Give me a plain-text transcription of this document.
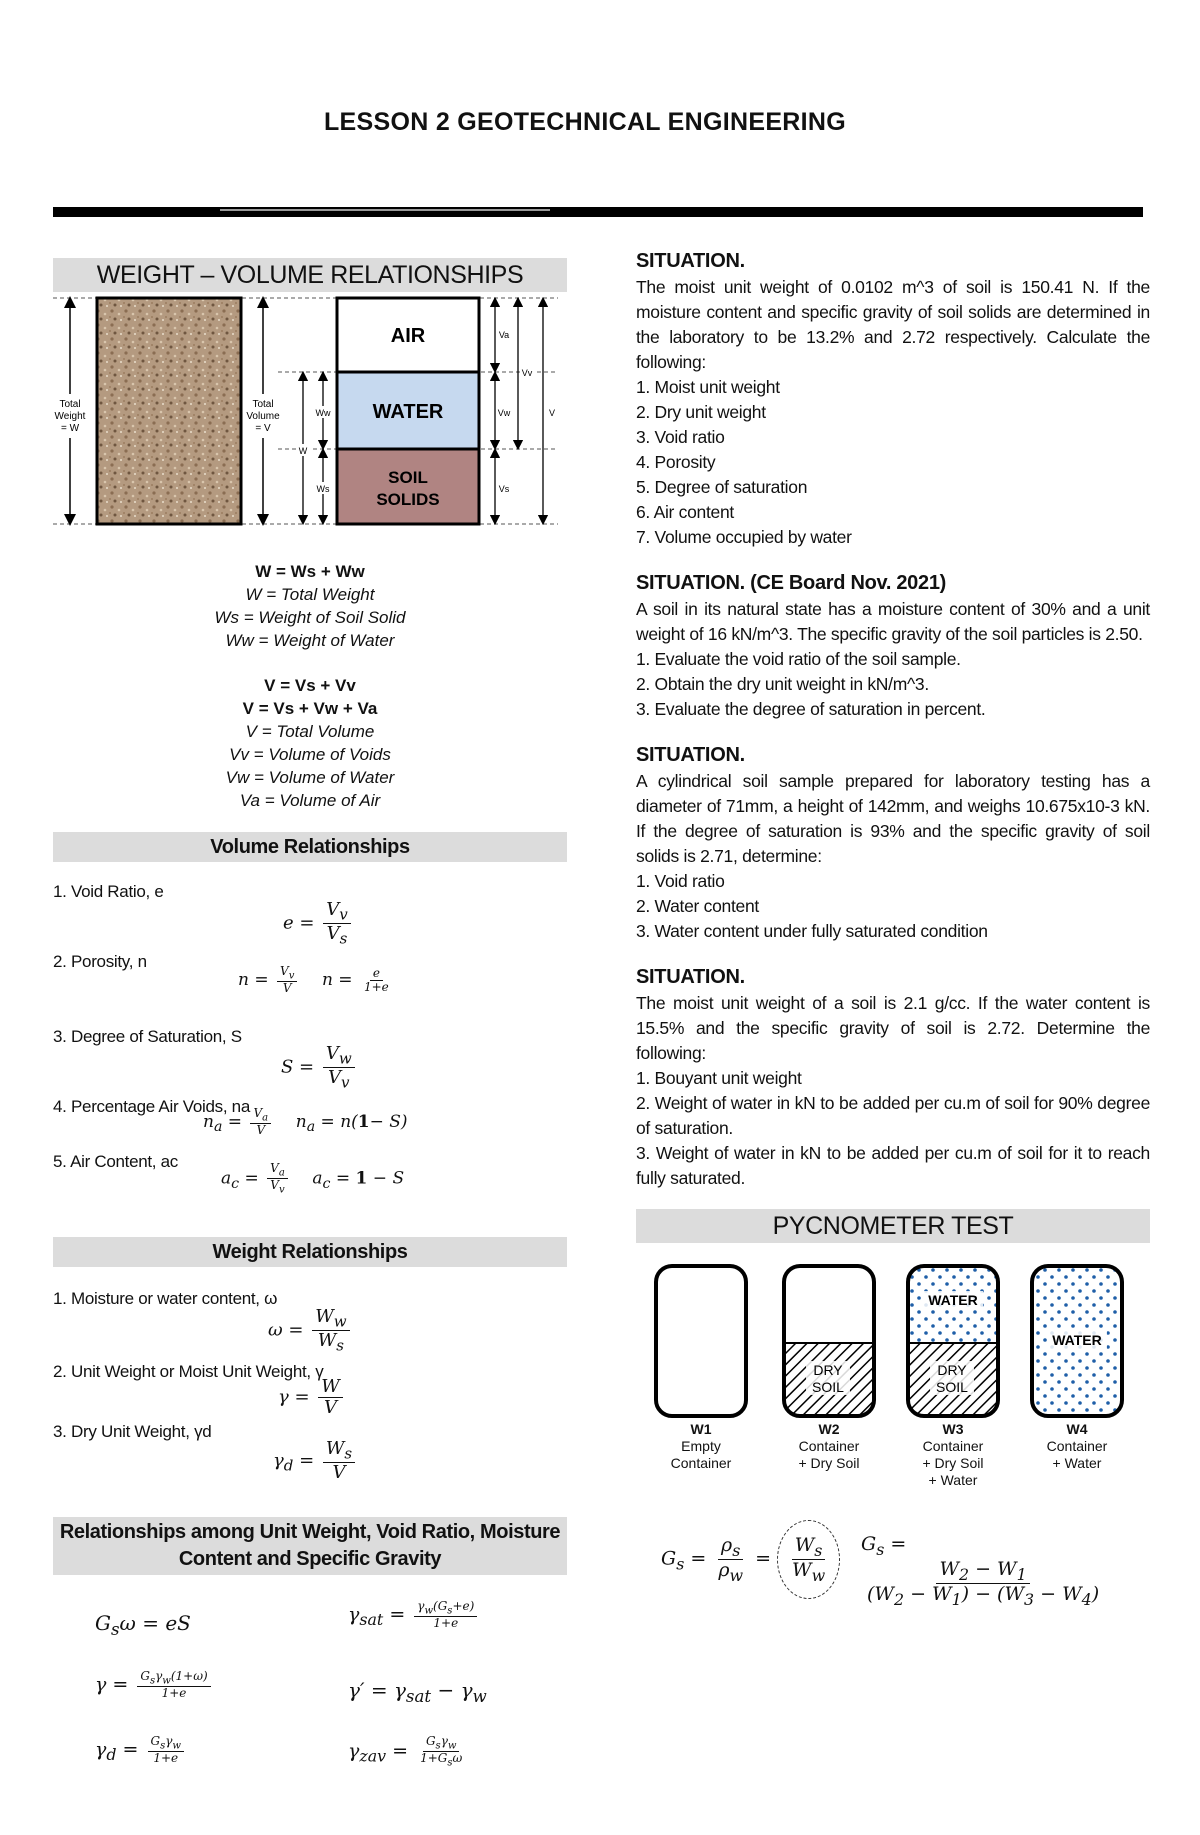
LESSON 2 GEOTECHNICAL ENGINEERING
WEIGHT – VOLUME RELATIONSHIPS
Total
Weight
= W
Total
Volume
= V
AIR
WATER
SOIL
SOLIDS
Ww
W
Ws
Va
Vv
Vw
Vs
V
W = Ws + Ww
W = Total Weight
Ws = Weight of Soil Solid
Ww = Weight of Water
V = Vs + Vv
V = Vs + Vw + Va
V = Total Volume
Vv = Volume of Voids
Vw = Volume of Water
Va = Volume of Air
Volume Relationships
1. Void Ratio, e
$e = \frac{V_v}{V_s}$
2. Porosity, n
$n = \frac{V_v}{V}$ $n = \frac{e}{1+e}$
3. Degree of Saturation, S
$S = \frac{V_w}{V_v}$
4. Percentage Air Voids, na
$n_a = \frac{V_a}{V} n_a = n(1- S)$
5. Air Content, ac
$a_c = \frac{V_a}{V_v} a_c = 1 - S$
Weight Relationships
1. Moisture or water content, ω
$\omega = \frac{W_w}{W_s}$
2. Unit Weight or Moist Unit Weight, γ
$\gamma = \frac{W}{V}$
3. Dry Unit Weight, γd
$\gamma_d = \frac{W_s}{V}$
Relationships among Unit Weight, Void Ratio, Moisture
Content and Specific Gravity
$G_s\omega$ = eS	$\gamma_{sat} = \frac{\gamma_w(G_s+e)}{1+e}$
$\gamma = \frac{G_s\gamma_w(1+\omega)}{1+e}$	$\gamma' = \gamma_{sat} - \gamma_w$
$\gamma_d = \frac{G_s\gamma_w}{1+e}$	$\gamma_{zav} = \frac{G_s\gamma_w}{1+G_s\omega}$
SITUATION.

The moist unit weight of 0.0102 m^3 of soil is 150.41 N. If the moisture content and specific gravity of soil solids are determined in the laboratory to be 13.2% and 2.72 respectively. Calculate the following:

1. Moist unit weight
2. Dry unit weight
3. Void ratio
4. Porosity
5. Degree of saturation
6. Air content
7. Volume occupied by water
SITUATION. (CE Board Nov. 2021)

A soil in its natural state has a moisture content of 30% and a unit weight of 16 kN/m^3. The specific gravity of the soil particles is 2.50.

1. Evaluate the void ratio of the soil sample.
2. Obtain the dry unit weight in kN/m^3.
3. Evaluate the degree of saturation in percent.
SITUATION.

A cylindrical soil sample prepared for laboratory testing has a diameter of 71mm, a height of 142mm, and weighs 10.675x10-3 kN. If the degree of saturation is 93% and the specific gravity of soil solids is 2.71, determine:

1. Void ratio
2. Water content
3. Water content under fully saturated condition
SITUATION.

The moist unit weight of a soil is 2.1 g/cc. If the water content is 15.5% and the specific gravity of soil is 2.72. Determine the following:

1. Bouyant unit weight

2. Weight of water in kN to be added per cu.m of soil for 90% degree of saturation.

3. Weight of water in kN to be added per cu.m of soil for it to reach fully saturated.

PYCNOMETER TEST
DRY
SOIL
WATER
DRY
SOIL
WATER
W1
Empty
Container
W2
Container
+ Dry Soil
W3
Container
+ Dry Soil
+ Water
W4
Container
+ Water
$G_s = \frac{\rho_s}{\rho_w} = \frac{W_s}{W_w} G_s$ =
$\frac{W_2 - W_1}{(W_2 - W_1) - (W_3 - W_4)}$
